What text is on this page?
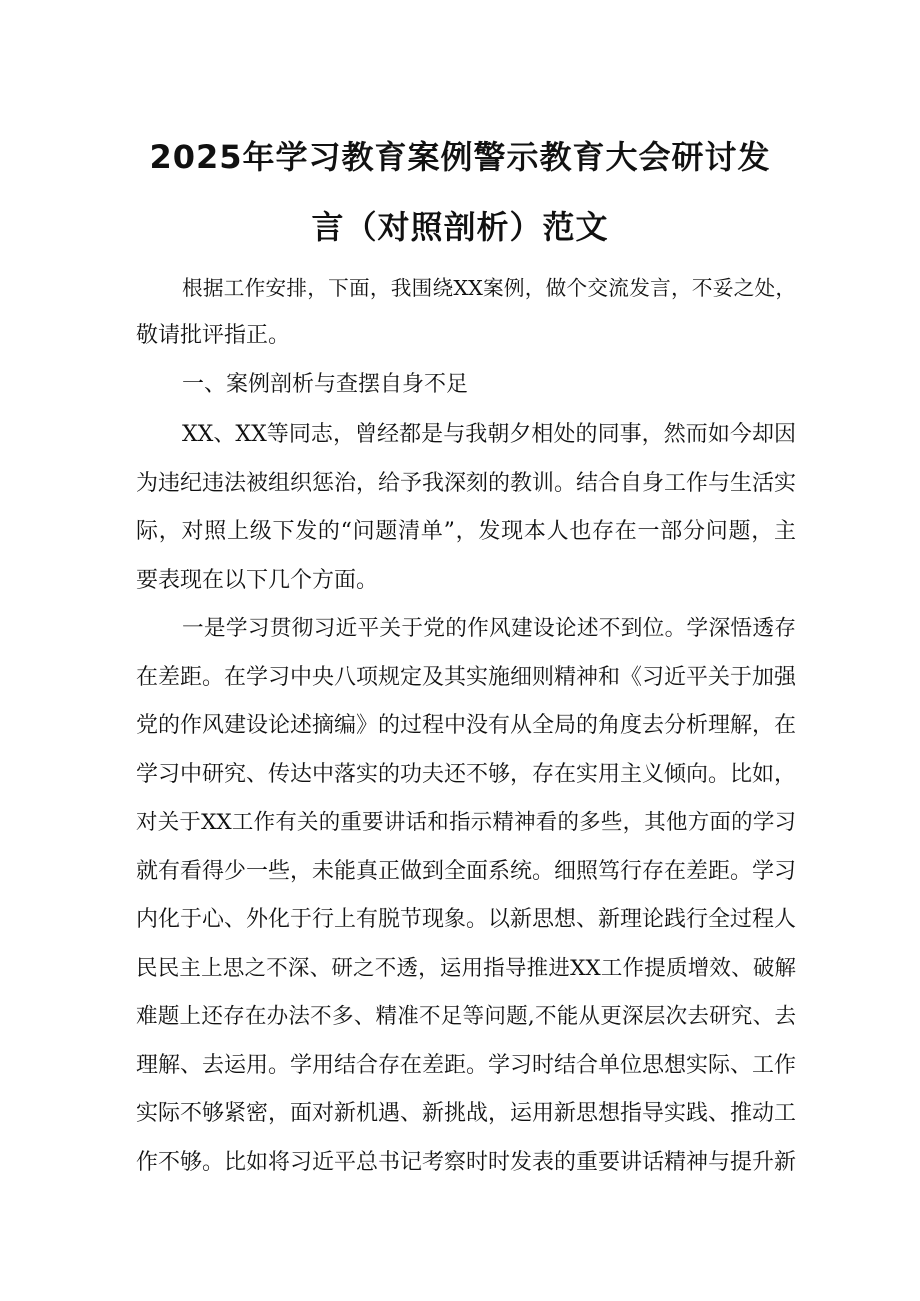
2025年学习教育案例警示教育大会研讨发
言（对照剖析）范文
根据工作安排，下面，我围绕XX案例，做个交流发言，不妥之处，
敬请批评指正。
一、案例剖析与查摆自身不足
XX、XX等同志，曾经都是与我朝夕相处的同事，然而如今却因
为违纪违法被组织惩治，给予我深刻的教训。结合自身工作与生活实
际，对照上级下发的“问题清单”，发现本人也存在一部分问题，主
要表现在以下几个方面。
一是学习贯彻习近平关于党的作风建设论述不到位。学深悟透存
在差距。在学习中央八项规定及其实施细则精神和《习近平关于加强
党的作风建设论述摘编》的过程中没有从全局的角度去分析理解，在
学习中研究、传达中落实的功夫还不够，存在实用主义倾向。比如，
对关于XX工作有关的重要讲话和指示精神看的多些，其他方面的学习
就有看得少一些，未能真正做到全面系统。细照笃行存在差距。学习
内化于心、外化于行上有脱节现象。以新思想、新理论践行全过程人
民民主上思之不深、研之不透，运用指导推进XX工作提质增效、破解
难题上还存在办法不多、精准不足等问题,不能从更深层次去研究、去
理解、去运用。学用结合存在差距。学习时结合单位思想实际、工作
实际不够紧密，面对新机遇、新挑战，运用新思想指导实践、推动工
作不够。比如将习近平总书记考察时时发表的重要讲话精神与提升新
